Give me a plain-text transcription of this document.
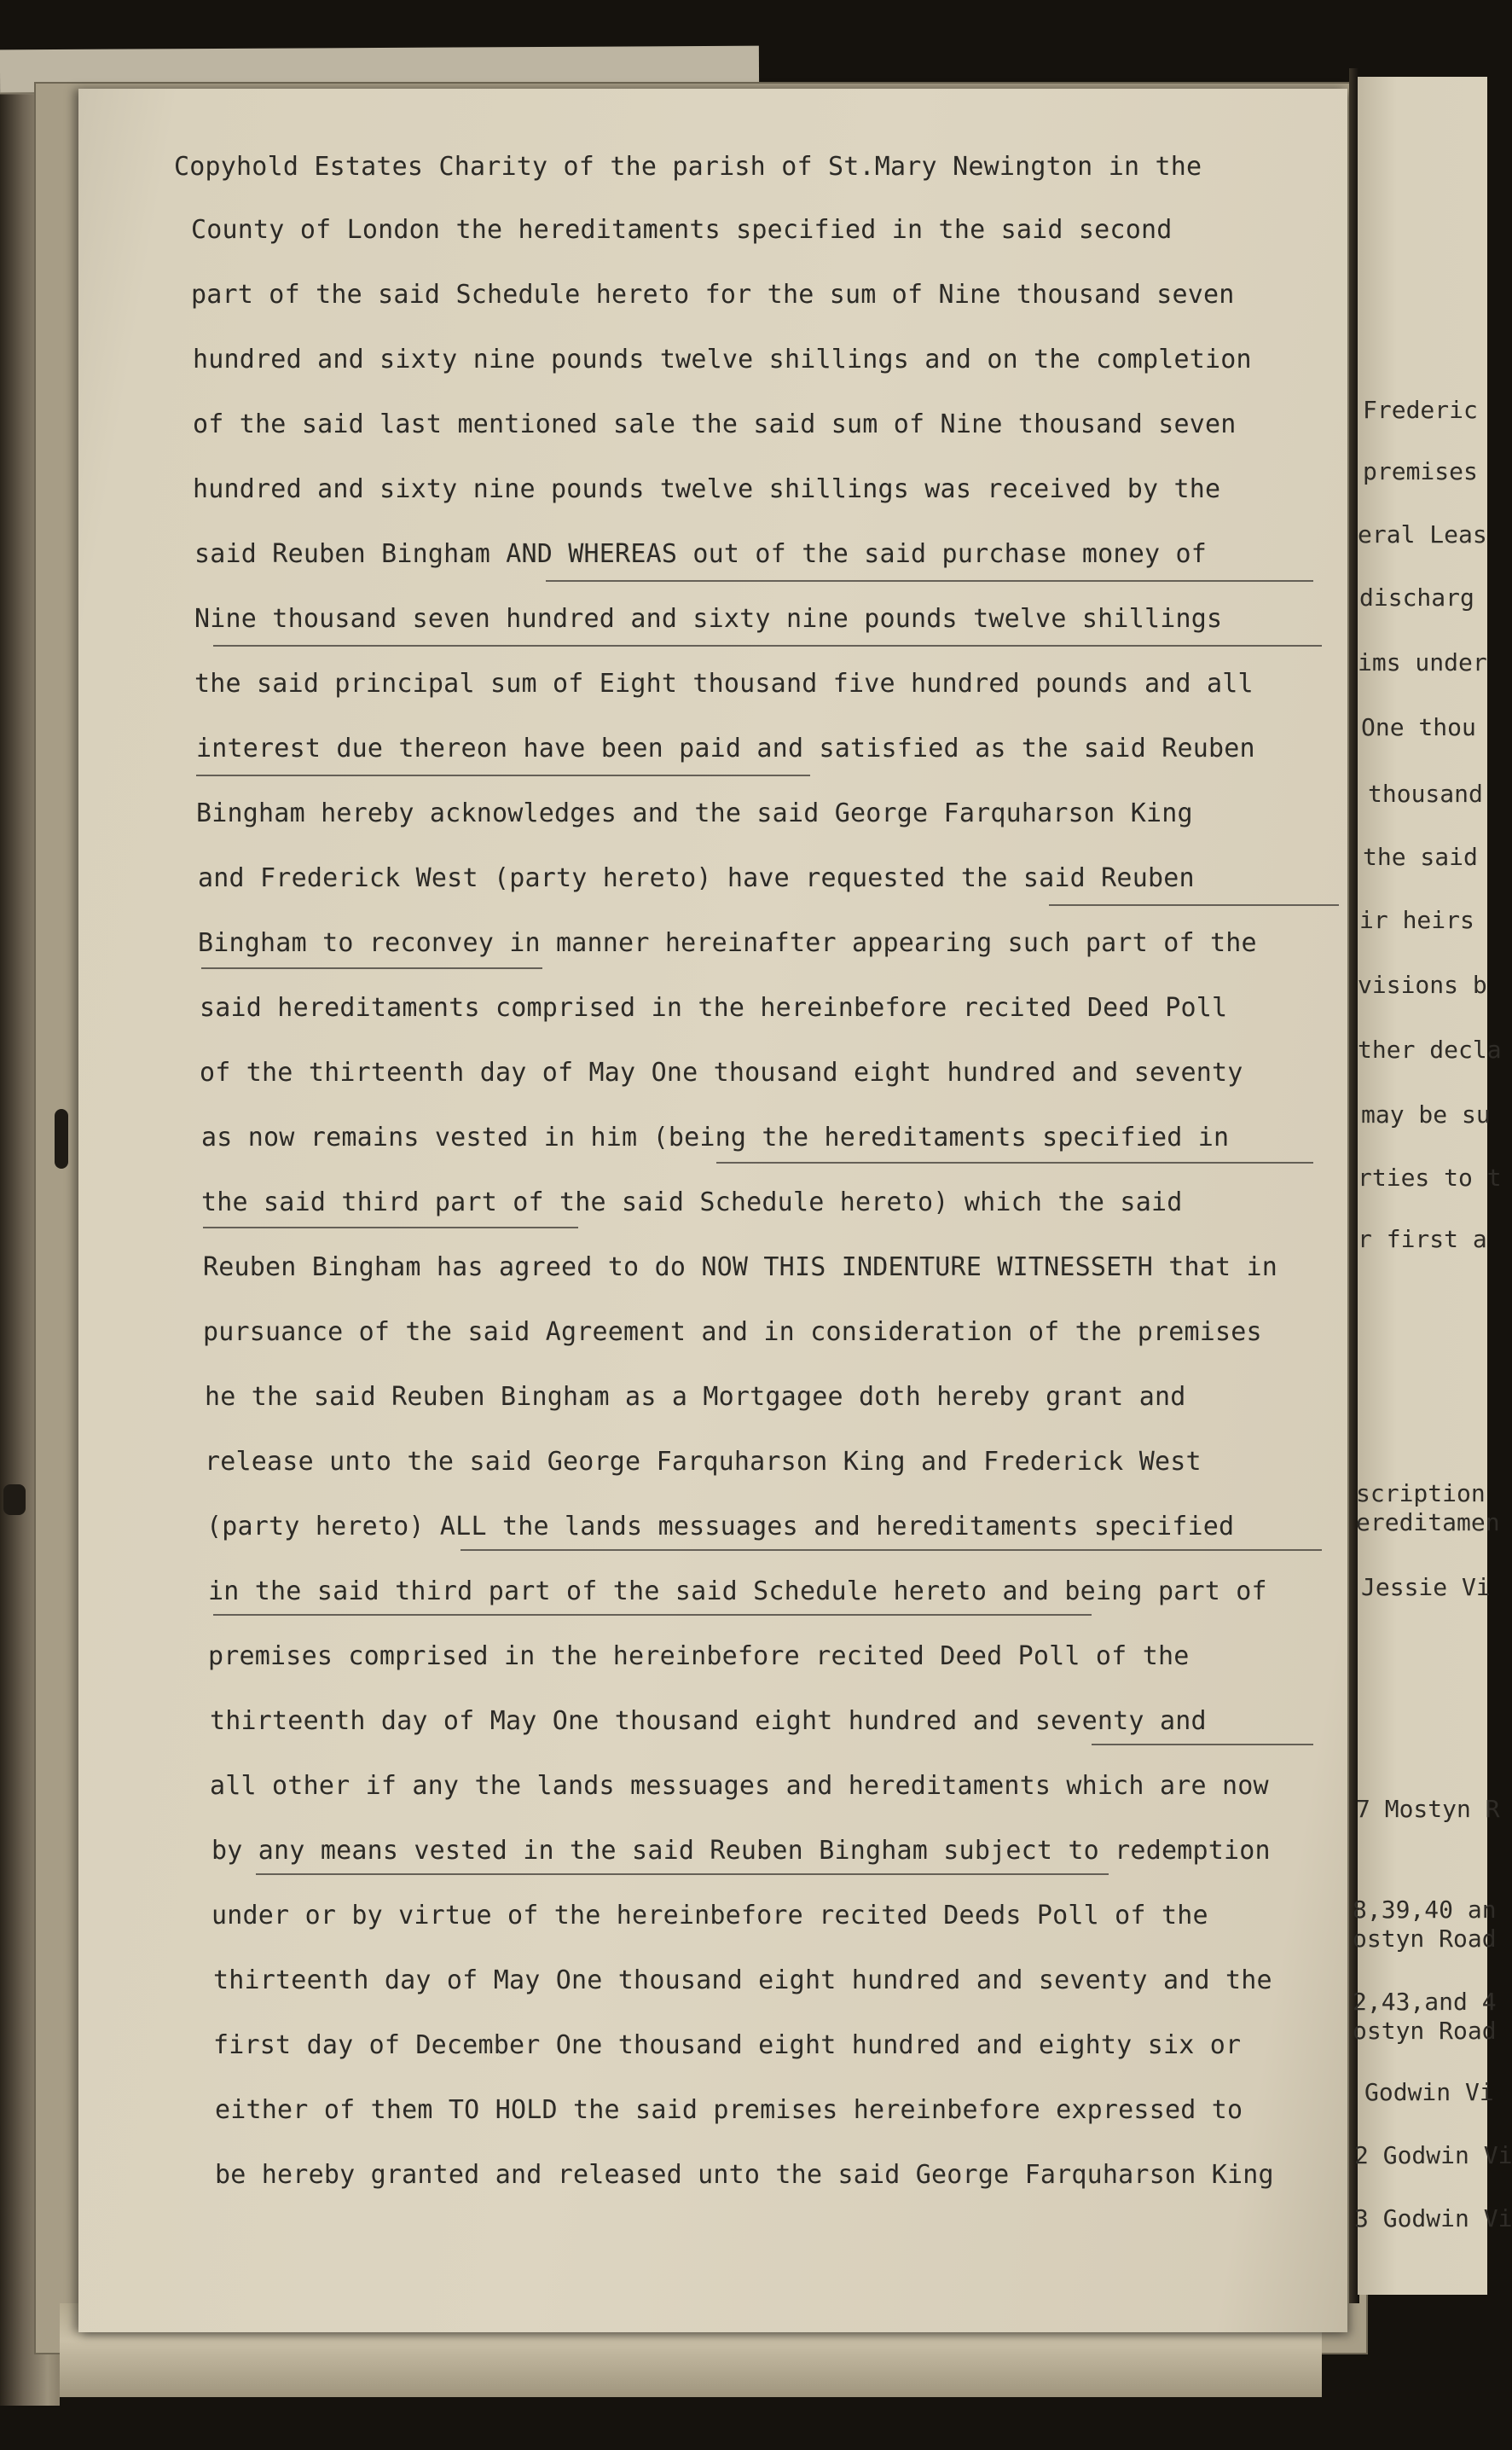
Copyhold Estates Charity of the parish of St.Mary Newington in the
County of London the hereditaments specified in the said second
part of the said Schedule hereto for the sum of Nine thousand seven
hundred and sixty nine pounds twelve shillings and on the completion
of the said last mentioned sale the said sum of Nine thousand seven
hundred and sixty nine pounds twelve shillings was received by the
said Reuben Bingham AND WHEREAS out of the said purchase money of
Nine thousand seven hundred and sixty nine pounds twelve shillings
the said principal sum of Eight thousand five hundred pounds and all
interest due thereon have been paid and satisfied as the said Reuben
Bingham hereby acknowledges and the said George Farquharson King
and Frederick West (party hereto) have requested the said Reuben
Bingham to reconvey in manner hereinafter appearing such part of the
said hereditaments comprised in the hereinbefore recited Deed Poll
of the thirteenth day of May One thousand eight hundred and seventy
as now remains vested in him (being the hereditaments specified in
the said third part of the said Schedule hereto) which the said
Reuben Bingham has agreed to do NOW THIS INDENTURE WITNESSETH that in
pursuance of the said Agreement and in consideration of the premises
he the said Reuben Bingham as a Mortgagee doth hereby grant and
release unto the said George Farquharson King and Frederick West
(party hereto) ALL the lands messuages and hereditaments specified
in the said third part of the said Schedule hereto and being part of
premises comprised in the hereinbefore recited Deed Poll of the
thirteenth day of May One thousand eight hundred and seventy and
all other if any the lands messuages and hereditaments which are now
by any means vested in the said Reuben Bingham subject to redemption
under or by virtue of the hereinbefore recited Deeds Poll of the
thirteenth day of May One thousand eight hundred and seventy and the
first day of December One thousand eight hundred and eighty six or
either of them TO HOLD the said premises hereinbefore expressed to
be hereby granted and released unto the said George Farquharson King
Frederic
premises
eral Leas
discharg
ims under
One thou
thousand
the said
ir heirs
visions b
ther decla
may be su
rties to t
r first a
scription
ereditamen
Jessie Vi
7 Mostyn R
8,39,40 an
ostyn Road
2,43,and 4
ostyn Road
Godwin Vi
2 Godwin Vi
3 Godwin Vi
